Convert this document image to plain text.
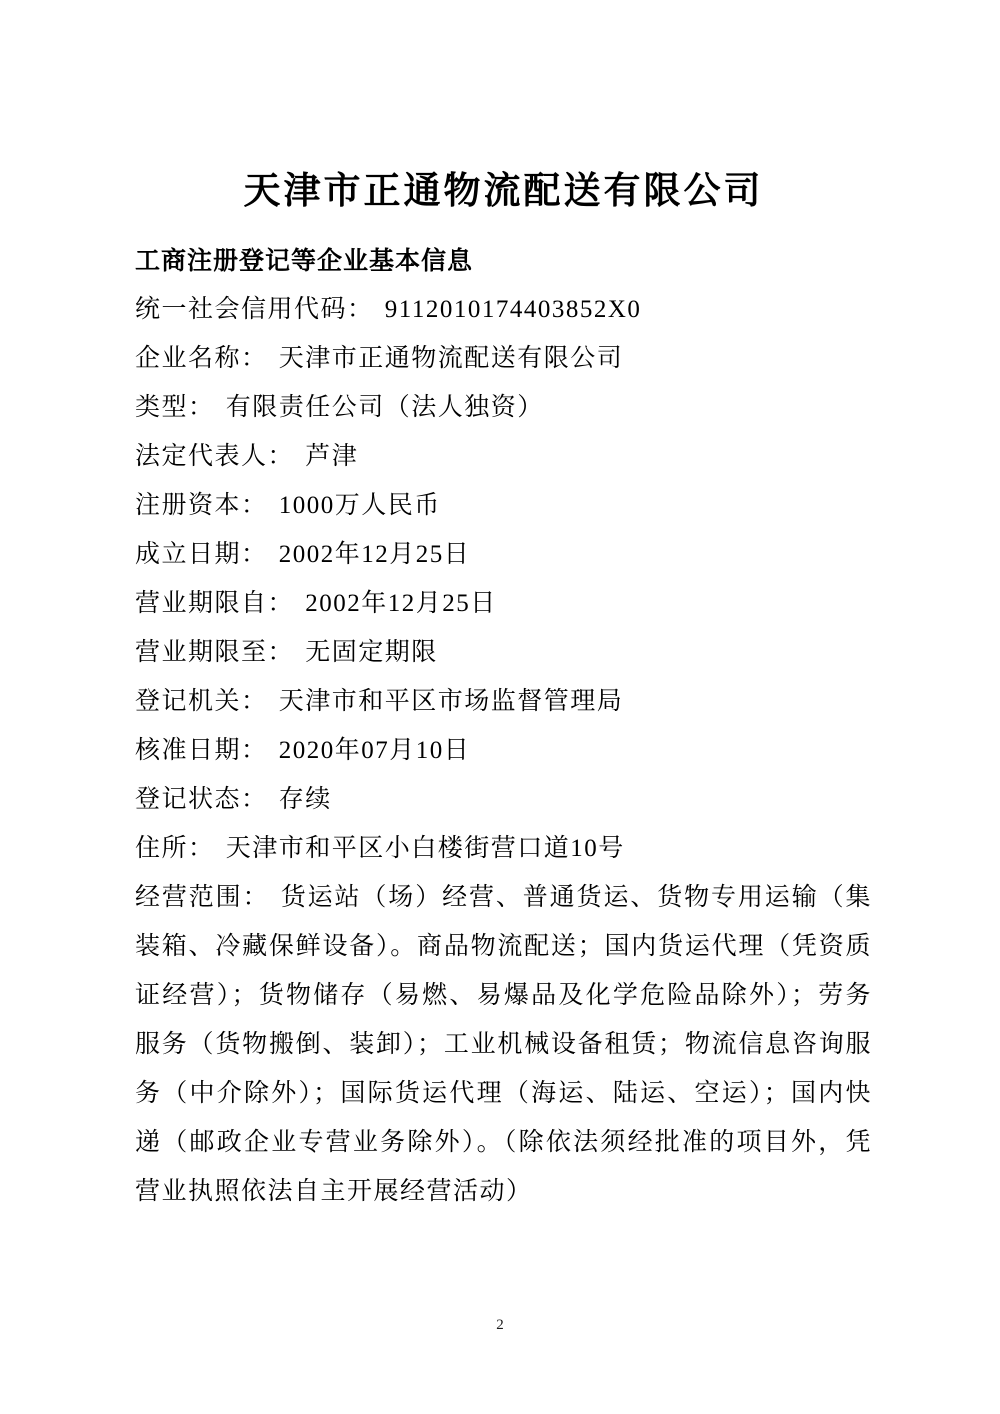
天津市正通物流配送有限公司
工商注册登记等企业基本信息
统一社会信用代码： 9112010174403852X0
企业名称： 天津市正通物流配送有限公司
类型： 有限责任公司（法人独资）
法定代表人： 芦津
注册资本： 1000万人民币
成立日期： 2002年12月25日
营业期限自： 2002年12月25日
营业期限至： 无固定期限
登记机关： 天津市和平区市场监督管理局
核准日期： 2020年07月10日
登记状态： 存续
住所： 天津市和平区小白楼街营口道10号
经营范围： 货运站（场）经营、普通货运、货物专用运输（集装箱、冷藏保鲜设备）。商品物流配送；国内货运代理（凭资质证经营）；货物储存（易燃、易爆品及化学危险品除外）；劳务服务（货物搬倒、装卸）；工业机械设备租赁；物流信息咨询服务（中介除外）；国际货运代理（海运、陆运、空运）；国内快递（邮政企业专营业务除外）。（除依法须经批准的项目外，凭营业执照依法自主开展经营活动）
2
